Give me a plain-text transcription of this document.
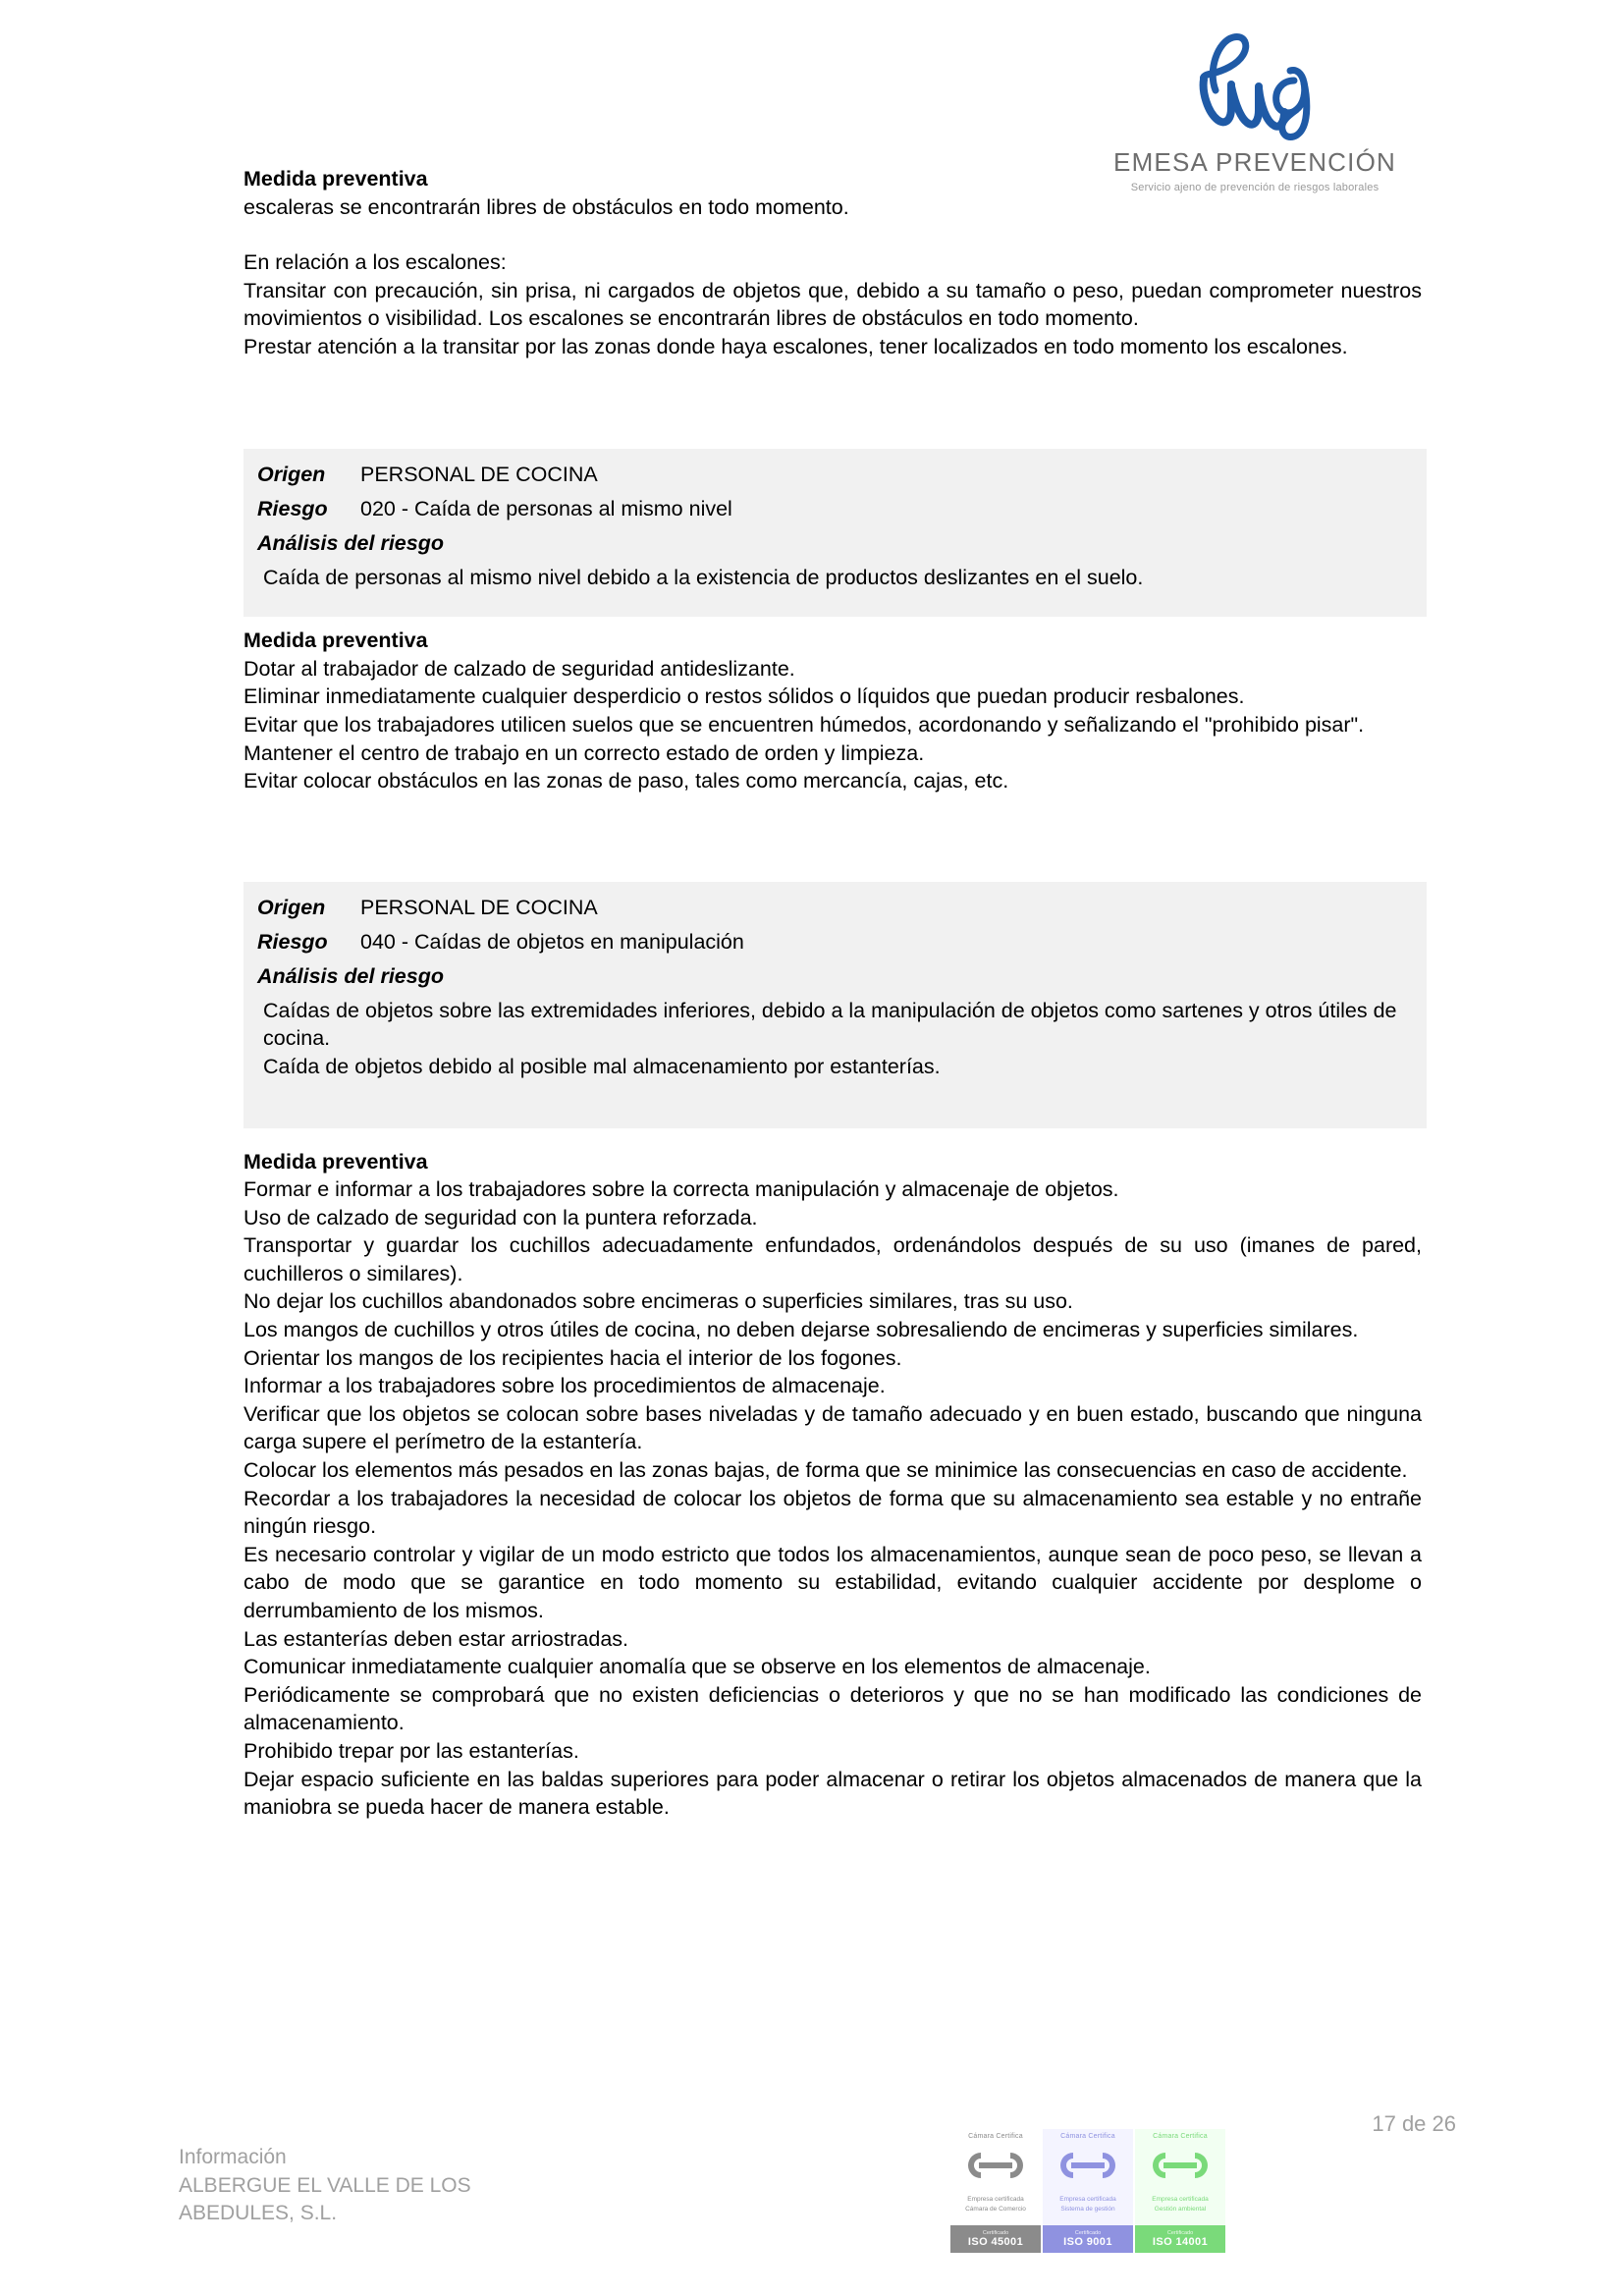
EMESA PREVENCIÓN
Servicio ajeno de prevención de riesgos laborales
Medida preventiva
escaleras se encontrarán libres de obstáculos en todo momento.
En relación a los escalones:
Transitar con precaución, sin prisa, ni cargados de objetos que, debido a su tamaño o peso, puedan comprometer nuestros movimientos o visibilidad. Los escalones se encontrarán libres de obstáculos en todo momento.
Prestar atención a la transitar por las zonas donde haya escalones, tener localizados en todo momento los escalones.
Origen	PERSONAL DE COCINA
Riesgo	020 - Caída de personas al mismo nivel
Análisis del riesgo
Caída de personas al mismo nivel debido a la existencia de productos deslizantes en el suelo.
Medida preventiva
Dotar al trabajador de calzado de seguridad antideslizante.
Eliminar inmediatamente cualquier desperdicio o restos sólidos o líquidos que puedan producir resbalones.
Evitar que los trabajadores utilicen suelos que se encuentren húmedos, acordonando y señalizando el "prohibido pisar".
Mantener el centro de trabajo en un correcto estado de orden y limpieza.
Evitar colocar obstáculos en las zonas de paso, tales como mercancía, cajas, etc.
Origen	PERSONAL DE COCINA
Riesgo	040 - Caídas de objetos en manipulación
Análisis del riesgo
Caídas de objetos sobre las extremidades inferiores, debido a la manipulación de objetos como sartenes y otros útiles de cocina.
Caída de objetos debido al posible mal almacenamiento por estanterías.
Medida preventiva
Formar e informar a los trabajadores sobre la correcta manipulación y almacenaje de objetos.
Uso de calzado de seguridad con la puntera reforzada.
Transportar y guardar los cuchillos adecuadamente enfundados, ordenándolos después de su uso (imanes de pared, cuchilleros o similares).
No dejar los cuchillos abandonados sobre encimeras o superficies similares, tras su uso.
Los mangos de cuchillos y otros útiles de cocina, no deben dejarse sobresaliendo de encimeras y superficies similares.
Orientar los mangos de los recipientes hacia el interior de los fogones.
Informar a los trabajadores sobre los procedimientos de almacenaje.
Verificar que los objetos se colocan sobre bases niveladas y de tamaño adecuado y en buen estado, buscando que ninguna carga supere el perímetro de la estantería.
Colocar los elementos más pesados en las zonas bajas, de forma que se minimice las consecuencias en caso de accidente.
Recordar a los trabajadores la necesidad de colocar los objetos de forma que su almacenamiento sea estable y no entrañe ningún riesgo.
Es necesario controlar y vigilar de un modo estricto que todos los almacenamientos, aunque sean de poco peso, se llevan a cabo de modo que se garantice en todo momento su estabilidad, evitando cualquier accidente por desplome o derrumbamiento de los mismos.
Las estanterías deben estar arriostradas.
Comunicar inmediatamente cualquier anomalía que se observe en los elementos de almacenaje.
Periódicamente se comprobará que no existen deficiencias o deterioros y que no se han modificado las condiciones de almacenamiento.
Prohibido trepar por las estanterías.
Dejar espacio suficiente en las baldas superiores para poder almacenar o retirar los objetos almacenados de manera que la maniobra se pueda hacer de manera estable.
17 de 26
Información
ALBERGUE EL VALLE DE LOS
ABEDULES, S.L.
Cámara Certifica
Empresa certificada
Cámara de Comercio
Certificado
ISO 45001
Cámara Certifica
Empresa certificada
Sistema de gestión
Certificado
ISO 9001
Cámara Certifica
Empresa certificada
Gestión ambiental
Certificado
ISO 14001
